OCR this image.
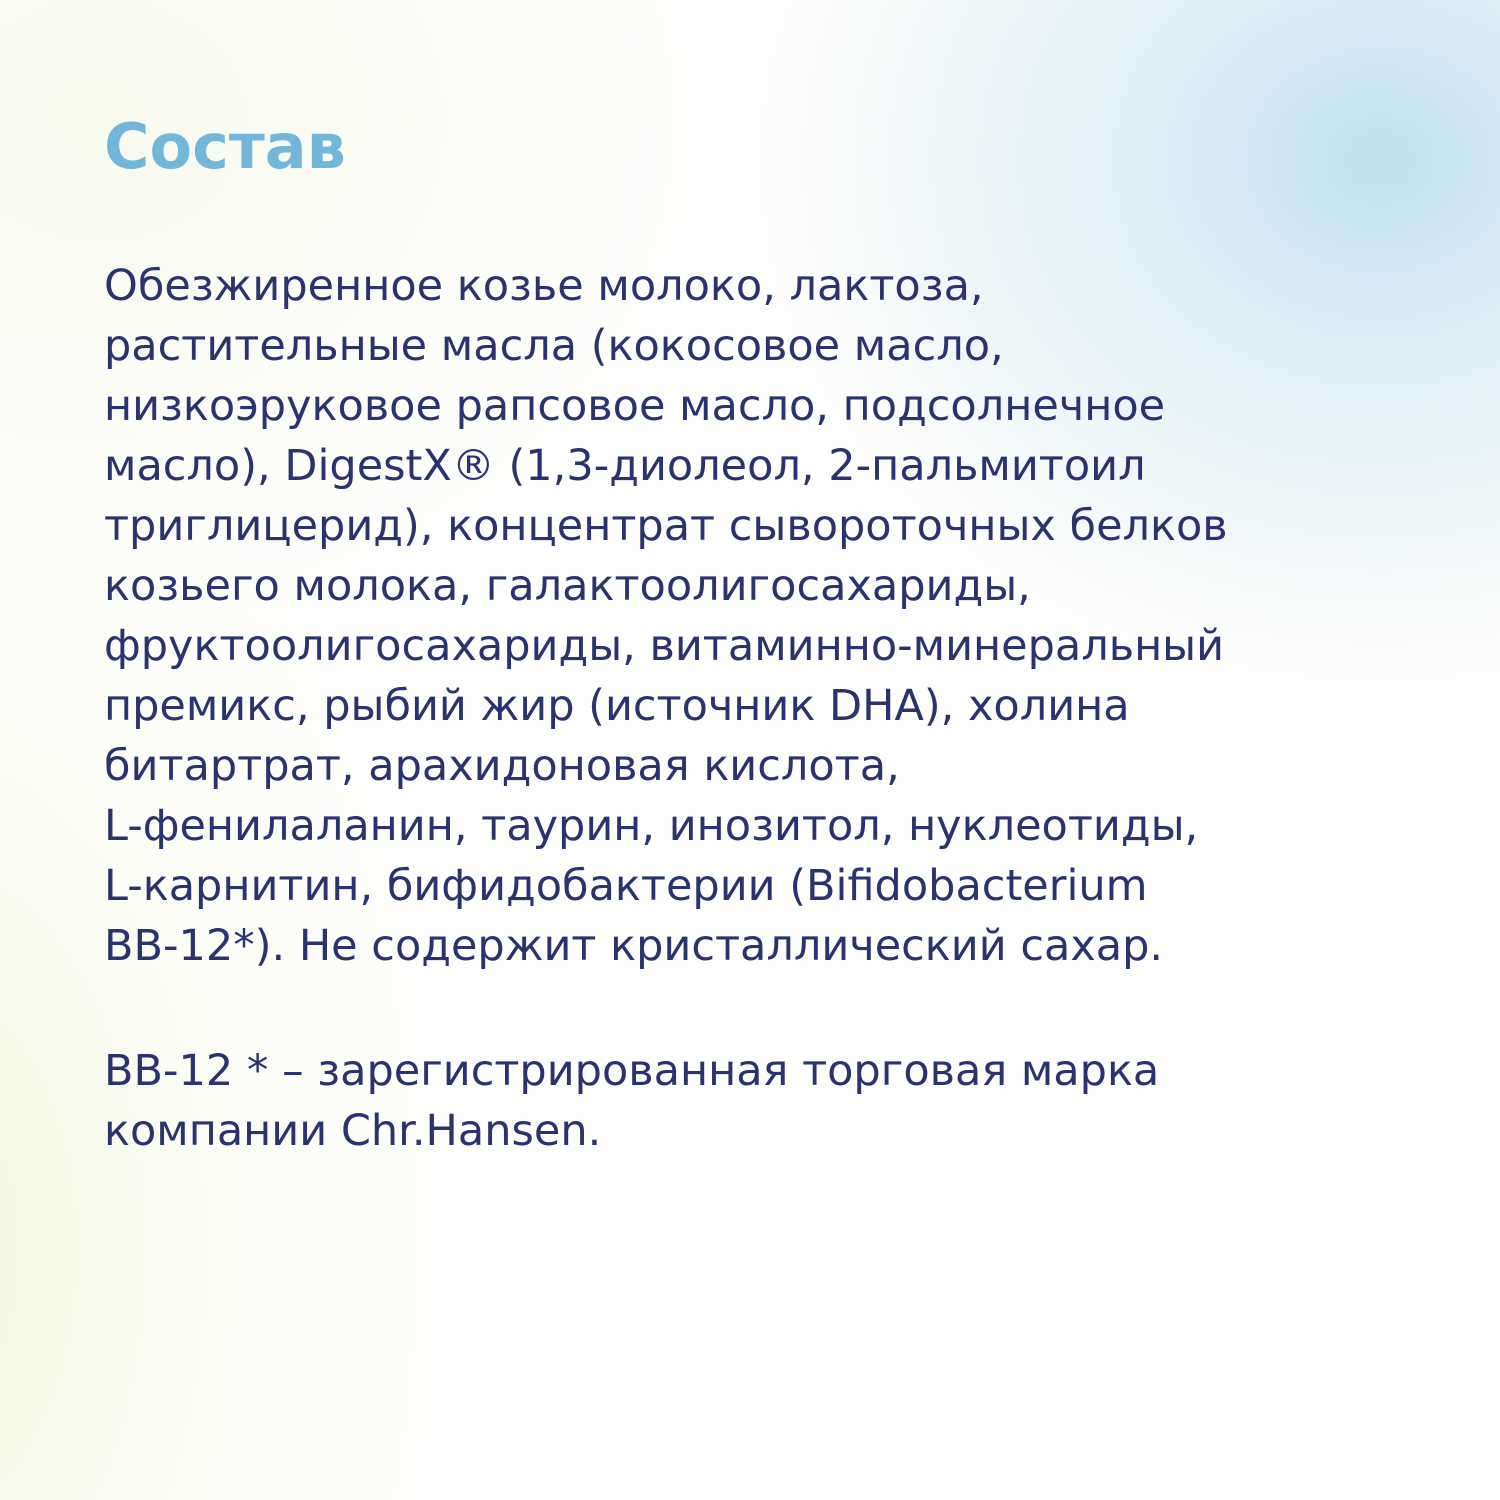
Состав
Обезжиренное козье молоко, лактоза,
растительные масла (кокосовое масло,
низкоэруковое рапсовое масло, подсолнечное
масло), DigestX® (1,3-диолеол, 2-пальмитоил
триглицерид), концентрат сывороточных белков
козьего молока, галактоолигосахариды,
фруктоолигосахариды, витаминно-минеральный
премикс, рыбий жир (источник DHA), холина
битартрат, арахидоновая кислота,
L-фенилаланин, таурин, инозитол, нуклеотиды,
L-карнитин, бифидобактерии (Bifidobacterium
BB-12*). Не содержит кристаллический сахар.
BB-12 * – зарегистрированная торговая марка
компании Chr.Hansen.
